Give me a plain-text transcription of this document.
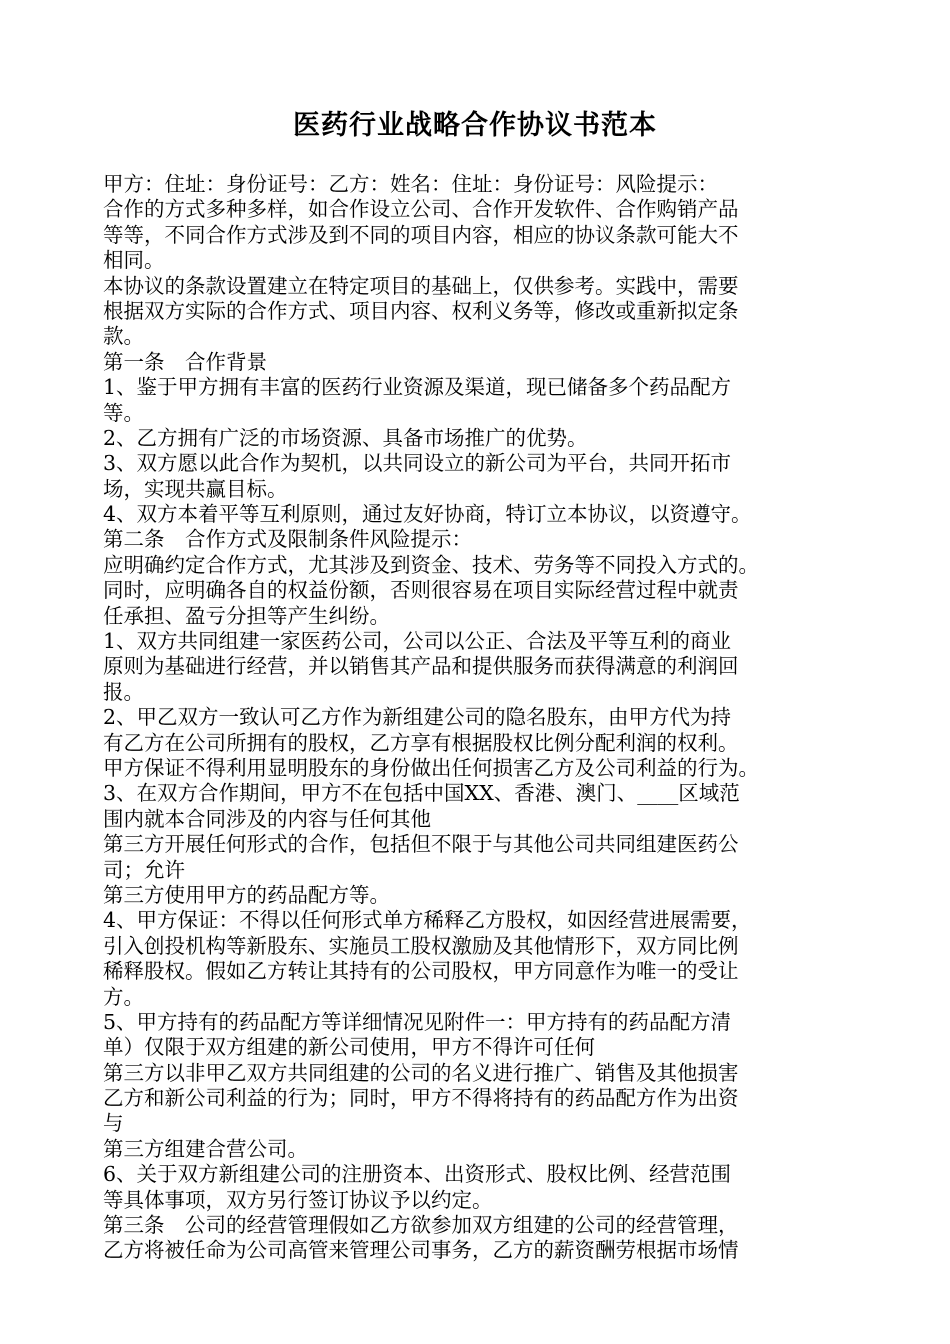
医药行业战略合作协议书范本
甲方：住址：身份证号：乙方：姓名：住址：身份证号：风险提示：
合作的方式多种多样，如合作设立公司、合作开发软件、合作购销产品
等等，不同合作方式涉及到不同的项目内容，相应的协议条款可能大不
相同。
本协议的条款设置建立在特定项目的基础上，仅供参考。实践中，需要
根据双方实际的合作方式、项目内容、权利义务等，修改或重新拟定条
款。
第一条　合作背景
1、鉴于甲方拥有丰富的医药行业资源及渠道，现已储备多个药品配方
等。
2、乙方拥有广泛的市场资源、具备市场推广的优势。
3、双方愿以此合作为契机，以共同设立的新公司为平台，共同开拓市
场，实现共赢目标。
4、双方本着平等互利原则，通过友好协商，特订立本协议，以资遵守。
第二条　合作方式及限制条件风险提示：
应明确约定合作方式，尤其涉及到资金、技术、劳务等不同投入方式的。
同时，应明确各自的权益份额，否则很容易在项目实际经营过程中就责
任承担、盈亏分担等产生纠纷。
1、双方共同组建一家医药公司，公司以公正、合法及平等互利的商业
原则为基础进行经营，并以销售其产品和提供服务而获得满意的利润回
报。
2、甲乙双方一致认可乙方作为新组建公司的隐名股东，由甲方代为持
有乙方在公司所拥有的股权，乙方享有根据股权比例分配利润的权利。
甲方保证不得利用显明股东的身份做出任何损害乙方及公司利益的行为。
3、在双方合作期间，甲方不在包括中国XX、香港、澳门、____区域范
围内就本合同涉及的内容与任何其他
第三方开展任何形式的合作，包括但不限于与其他公司共同组建医药公
司；允许
第三方使用甲方的药品配方等。
4、甲方保证：不得以任何形式单方稀释乙方股权，如因经营进展需要，
引入创投机构等新股东、实施员工股权激励及其他情形下，双方同比例
稀释股权。假如乙方转让其持有的公司股权，甲方同意作为唯一的受让
方。
5、甲方持有的药品配方等详细情况见附件一：甲方持有的药品配方清
单）仅限于双方组建的新公司使用，甲方不得许可任何
第三方以非甲乙双方共同组建的公司的名义进行推广、销售及其他损害
乙方和新公司利益的行为；同时，甲方不得将持有的药品配方作为出资
与
第三方组建合营公司。
6、关于双方新组建公司的注册资本、出资形式、股权比例、经营范围
等具体事项，双方另行签订协议予以约定。
第三条　公司的经营管理假如乙方欲参加双方组建的公司的经营管理，
乙方将被任命为公司高管来管理公司事务，乙方的薪资酬劳根据市场情
